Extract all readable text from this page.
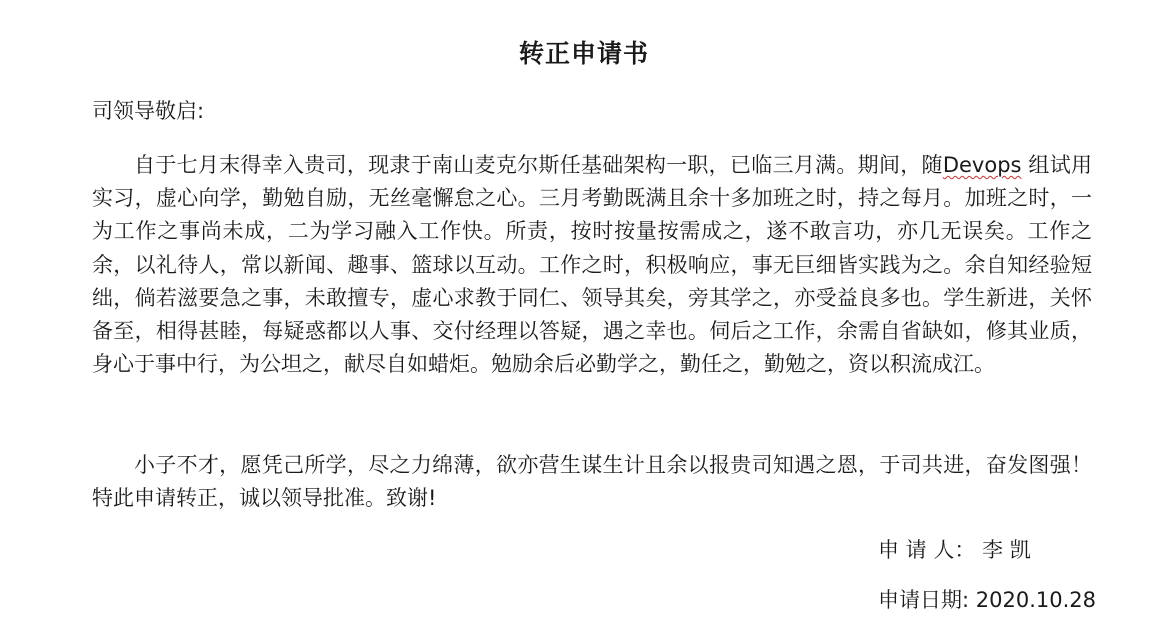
转正申请书
司领导敬启:

自于七月末得幸入贵司，现隶于南山麦克尔斯任基础架构一职，已临三月满。期间，随Devops 组试用实习，虚心向学，勤勉自励，无丝毫懈怠之心。三月考勤既满且余十多加班之时，持之每月。加班之时，一为工作之事尚未成，二为学习融入工作快。所责，按时按量按需成之，遂不敢言功，亦几无误矣。工作之余，以礼待人，常以新闻、趣事、篮球以互动。工作之时，积极响应，事无巨细皆实践为之。余自知经验短绌，倘若滋要急之事，未敢擅专，虚心求教于同仁、领导其矣，旁其学之，亦受益良多也。学生新进，关怀备至，相得甚睦，每疑惑都以人事、交付经理以答疑，遇之幸也。伺后之工作，余需自省缺如，修其业质，身心于事中行，为公坦之，献尽自如蜡炬。勉励余后必勤学之，勤任之，勤勉之，资以积流成江。

小子不才，愿凭己所学，尽之力绵薄，欲亦营生谋生计且余以报贵司知遇之恩，于司共进，奋发图强！特此申请转正，诚以领导批准。致谢!

申 请 人： 李 凯
申请日期: 2020.10.28
